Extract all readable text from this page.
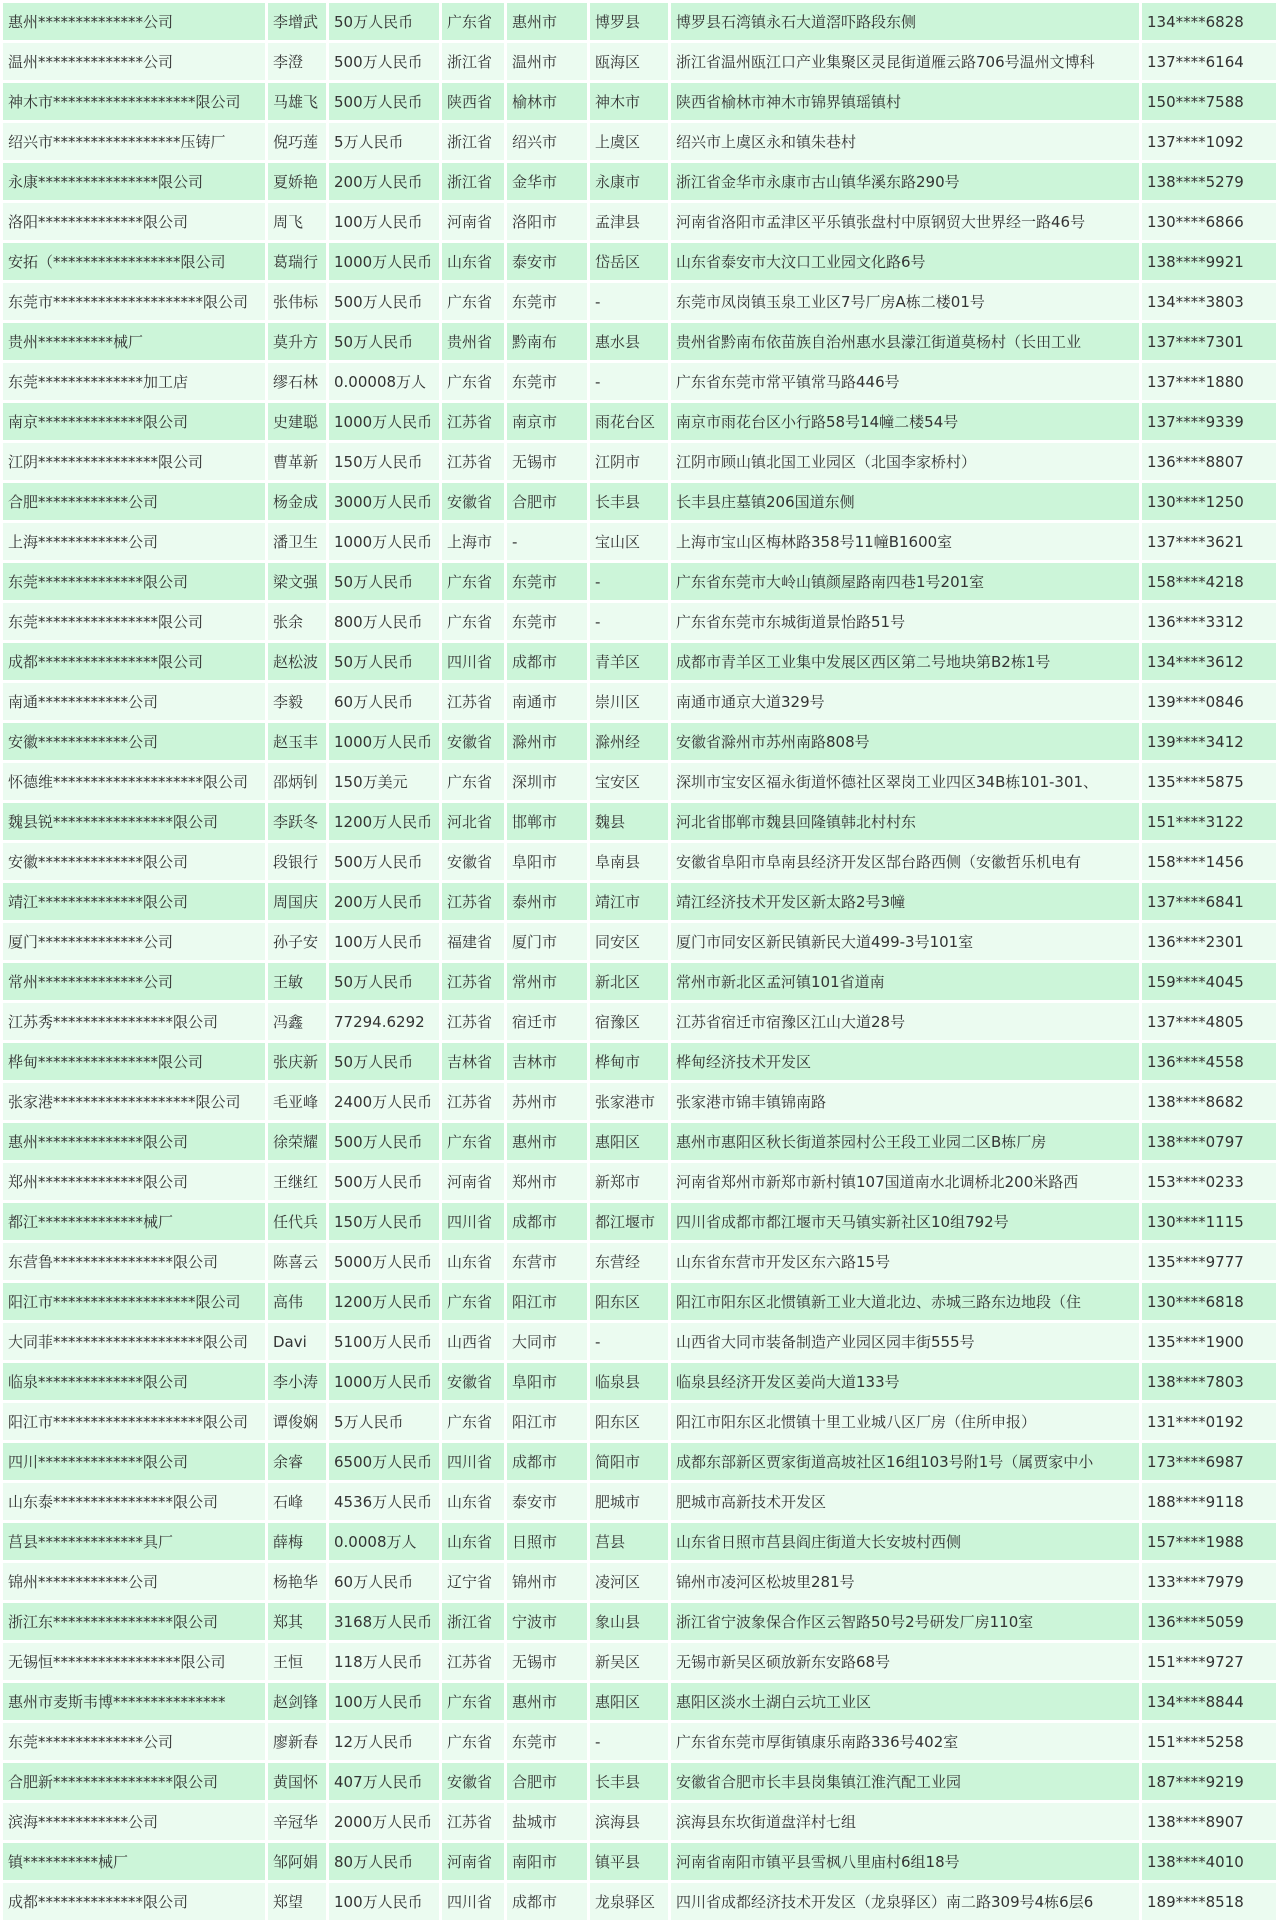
惠州**************公司	李增武	50万人民币	广东省	惠州市	博罗县	博罗县石湾镇永石大道滘吓路段东侧	134****6828
温州**************公司	李澄	500万人民币	浙江省	温州市	瓯海区	浙江省温州瓯江口产业集聚区灵昆街道雁云路706号温州文博科	137****6164
神木市*******************限公司	马雄飞	500万人民币	陕西省	榆林市	神木市	陕西省榆林市神木市锦界镇瑶镇村	150****7588
绍兴市*****************压铸厂	倪巧莲	5万人民币	浙江省	绍兴市	上虞区	绍兴市上虞区永和镇朱巷村	137****1092
永康****************限公司	夏娇艳	200万人民币	浙江省	金华市	永康市	浙江省金华市永康市古山镇华溪东路290号	138****5279
洛阳**************限公司	周飞	100万人民币	河南省	洛阳市	孟津县	河南省洛阳市孟津区平乐镇张盘村中原钢贸大世界经一路46号	130****6866
安拓（*****************限公司	葛瑞行	1000万人民币	山东省	泰安市	岱岳区	山东省泰安市大汶口工业园文化路6号	138****9921
东莞市********************限公司	张伟标	500万人民币	广东省	东莞市	-	东莞市凤岗镇玉泉工业区7号厂房A栋二楼01号	134****3803
贵州**********械厂	莫升方	50万人民币	贵州省	黔南布	惠水县	贵州省黔南布依苗族自治州惠水县濛江街道莫杨村（长田工业	137****7301
东莞**************加工店	缪石林	0.00008万人	广东省	东莞市	-	广东省东莞市常平镇常马路446号	137****1880
南京**************限公司	史建聪	1000万人民币	江苏省	南京市	雨花台区	南京市雨花台区小行路58号14幢二楼54号	137****9339
江阴****************限公司	曹革新	150万人民币	江苏省	无锡市	江阴市	江阴市顾山镇北国工业园区（北国李家桥村）	136****8807
合肥************公司	杨金成	3000万人民币	安徽省	合肥市	长丰县	长丰县庄墓镇206国道东侧	130****1250
上海************公司	潘卫生	1000万人民币	上海市	-	宝山区	上海市宝山区梅林路358号11幢B1600室	137****3621
东莞**************限公司	梁文强	50万人民币	广东省	东莞市	-	广东省东莞市大岭山镇颜屋路南四巷1号201室	158****4218
东莞****************限公司	张余	800万人民币	广东省	东莞市	-	广东省东莞市东城街道景怡路51号	136****3312
成都****************限公司	赵松波	50万人民币	四川省	成都市	青羊区	成都市青羊区工业集中发展区西区第二号地块第B2栋1号	134****3612
南通************公司	李毅	60万人民币	江苏省	南通市	崇川区	南通市通京大道329号	139****0846
安徽************公司	赵玉丰	1000万人民币	安徽省	滁州市	滁州经	安徽省滁州市苏州南路808号	139****3412
怀德维********************限公司	邵炳钊	150万美元	广东省	深圳市	宝安区	深圳市宝安区福永街道怀德社区翠岗工业四区34B栋101-301、	135****5875
魏县锐****************限公司	李跃冬	1200万人民币	河北省	邯郸市	魏县	河北省邯郸市魏县回隆镇韩北村村东	151****3122
安徽**************限公司	段银行	500万人民币	安徽省	阜阳市	阜南县	安徽省阜阳市阜南县经济开发区郜台路西侧（安徽哲乐机电有	158****1456
靖江**************限公司	周国庆	200万人民币	江苏省	泰州市	靖江市	靖江经济技术开发区新太路2号3幢	137****6841
厦门**************公司	孙子安	100万人民币	福建省	厦门市	同安区	厦门市同安区新民镇新民大道499-3号101室	136****2301
常州**************公司	王敏	50万人民币	江苏省	常州市	新北区	常州市新北区孟河镇101省道南	159****4045
江苏秀****************限公司	冯鑫	77294.6292	江苏省	宿迁市	宿豫区	江苏省宿迁市宿豫区江山大道28号	137****4805
桦甸****************限公司	张庆新	50万人民币	吉林省	吉林市	桦甸市	桦甸经济技术开发区	136****4558
张家港*******************限公司	毛亚峰	2400万人民币	江苏省	苏州市	张家港市	张家港市锦丰镇锦南路	138****8682
惠州**************限公司	徐荣耀	500万人民币	广东省	惠州市	惠阳区	惠州市惠阳区秋长街道茶园村公王段工业园二区B栋厂房	138****0797
郑州**************限公司	王继红	500万人民币	河南省	郑州市	新郑市	河南省郑州市新郑市新村镇107国道南水北调桥北200米路西	153****0233
都江**************械厂	任代兵	150万人民币	四川省	成都市	都江堰市	四川省成都市都江堰市天马镇实新社区10组792号	130****1115
东营鲁****************限公司	陈喜云	5000万人民币	山东省	东营市	东营经	山东省东营市开发区东六路15号	135****9777
阳江市*******************限公司	高伟	1200万人民币	广东省	阳江市	阳东区	阳江市阳东区北惯镇新工业大道北边、赤城三路东边地段（住	130****6818
大同菲********************限公司	Davi	5100万人民币	山西省	大同市	-	山西省大同市装备制造产业园区园丰街555号	135****1900
临泉**************限公司	李小涛	1000万人民币	安徽省	阜阳市	临泉县	临泉县经济开发区姜尚大道133号	138****7803
阳江市********************限公司	谭俊娴	5万人民币	广东省	阳江市	阳东区	阳江市阳东区北惯镇十里工业城八区厂房（住所申报）	131****0192
四川**************限公司	余睿	6500万人民币	四川省	成都市	简阳市	成都东部新区贾家街道高坡社区16组103号附1号（属贾家中小	173****6987
山东泰****************限公司	石峰	4536万人民币	山东省	泰安市	肥城市	肥城市高新技术开发区	188****9118
莒县**************具厂	薛梅	0.0008万人	山东省	日照市	莒县	山东省日照市莒县阎庄街道大长安坡村西侧	157****1988
锦州************公司	杨艳华	60万人民币	辽宁省	锦州市	凌河区	锦州市凌河区松坡里281号	133****7979
浙江东****************限公司	郑其	3168万人民币	浙江省	宁波市	象山县	浙江省宁波象保合作区云智路50号2号研发厂房110室	136****5059
无锡恒*****************限公司	王恒	118万人民币	江苏省	无锡市	新吴区	无锡市新吴区硕放新东安路68号	151****9727
惠州市麦斯韦博***************	赵剑锋	100万人民币	广东省	惠州市	惠阳区	惠阳区淡水土湖白云坑工业区	134****8844
东莞**************公司	廖新春	12万人民币	广东省	东莞市	-	广东省东莞市厚街镇康乐南路336号402室	151****5258
合肥新****************限公司	黄国怀	407万人民币	安徽省	合肥市	长丰县	安徽省合肥市长丰县岗集镇江淮汽配工业园	187****9219
滨海************公司	辛冠华	2000万人民币	江苏省	盐城市	滨海县	滨海县东坎街道盘洋村七组	138****8907
镇**********械厂	邹阿娟	80万人民币	河南省	南阳市	镇平县	河南省南阳市镇平县雪枫八里庙村6组18号	138****4010
成都**************限公司	郑望	100万人民币	四川省	成都市	龙泉驿区	四川省成都经济技术开发区（龙泉驿区）南二路309号4栋6层6	189****8518
